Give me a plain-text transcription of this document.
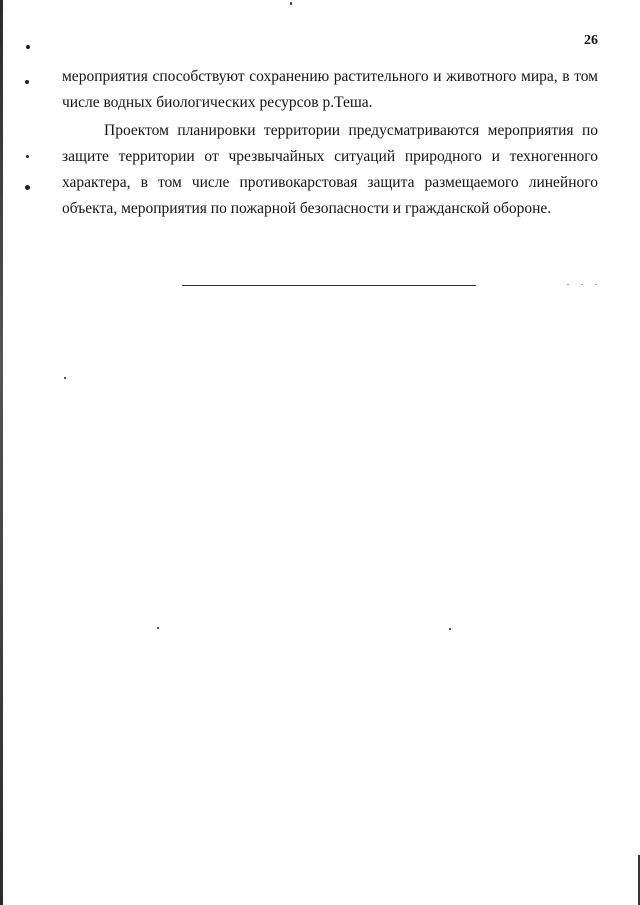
26
мероприятия способствуют сохранению растительного и животного мира, в том
числе водных биологических ресурсов р.Теша.
Проектом планировки территории предусматриваются мероприятия по
защите территории от чрезвычайных ситуаций природного и техногенного
характера, в том числе противокарстовая защита размещаемого линейного
объекта, мероприятия по пожарной безопасности и гражданской обороне.
